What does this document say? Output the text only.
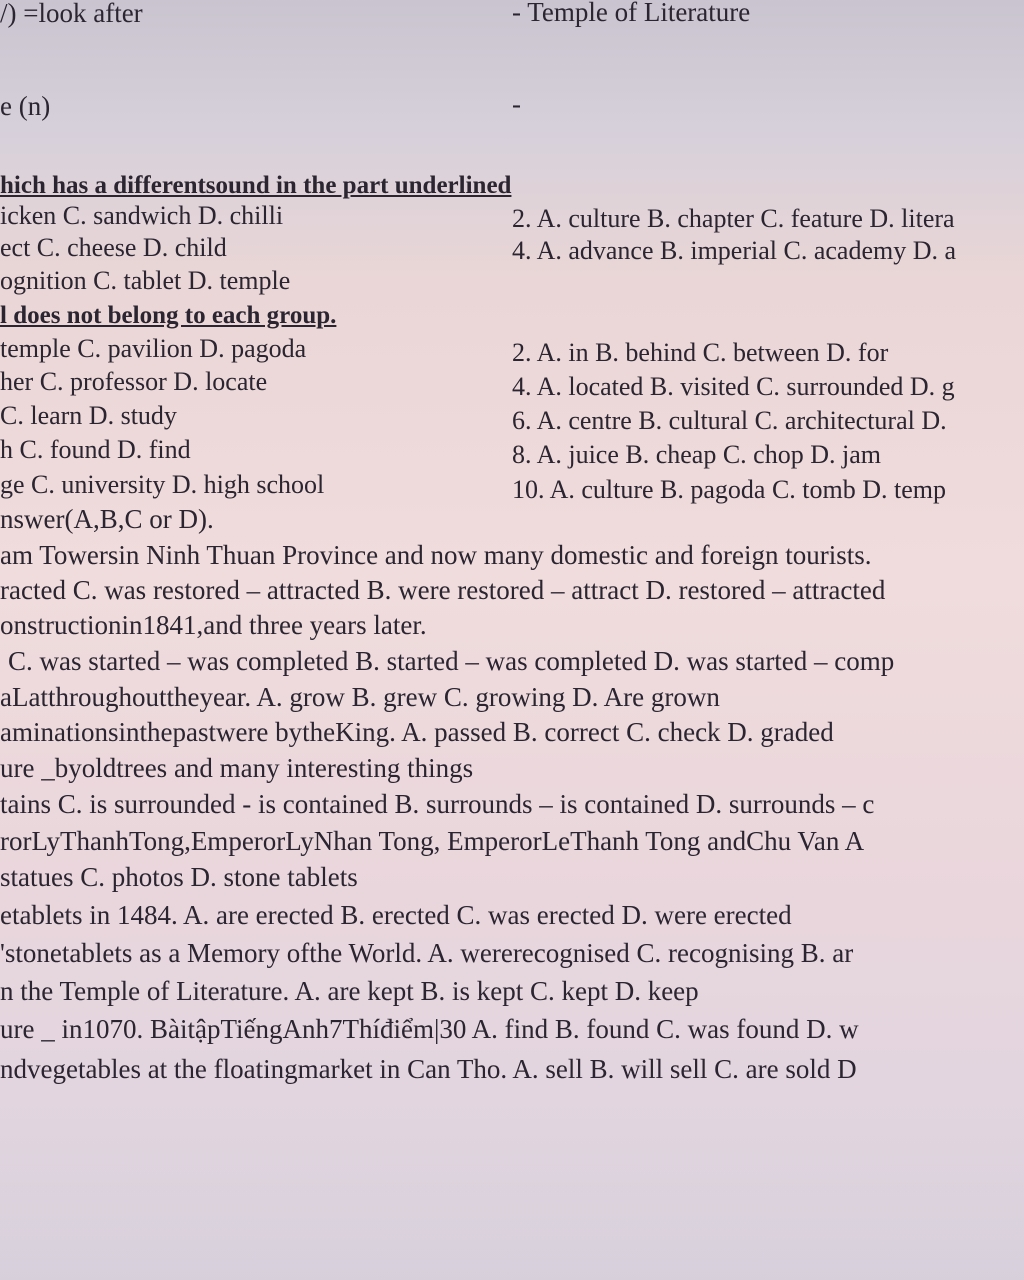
/) =look after	- Temple of Literature
e (n)	-
hich has a differentsound in the part underlined
icken C. sandwich D. chilli	2. A. culture B. chapter C. feature D. litera
ect C. cheese D. child	4. A. advance B. imperial C. academy D. a
ognition C. tablet D. temple
l does not belong to each group.
temple C. pavilion D. pagoda	2. A. in B. behind C. between D. for
her C. professor D. locate	4. A. located B. visited C. surrounded D. g
C. learn D. study	6. A. centre B. cultural C. architectural D.
h C. found D. find	8. A. juice B. cheap C. chop D. jam
ge C. university D. high school	10. A. culture B. pagoda C. tomb D. temp
nswer(A,B,C or D).
am Towersin Ninh Thuan Province and now many domestic and foreign tourists.
racted C. was restored – attracted B. were restored – attract D. restored – attracted
onstructionin1841,and three years later.
C. was started – was completed B. started – was completed D. was started – comp
aLatthroughouttheyear. A. grow B. grew C. growing D. Are grown
aminationsinthepastwere bytheKing. A. passed B. correct C. check D. graded
ure _byoldtrees and many interesting things
tains C. is surrounded - is contained B. surrounds – is contained D. surrounds – c
rorLyThanhTong,EmperorLyNhan Tong, EmperorLeThanh Tong andChu Van A
statues C. photos D. stone tablets
etablets in 1484. A. are erected B. erected C. was erected D. were erected
'stonetablets as a Memory ofthe World. A. wererecognised C. recognising B. ar
n the Temple of Literature. A. are kept B. is kept C. kept D. keep
ure _ in1070. BàitậpTiếngAnh7Thíđiểm|30 A. find B. found C. was found D. w
ndvegetables at the floatingmarket in Can Tho. A. sell B. will sell C. are sold D
